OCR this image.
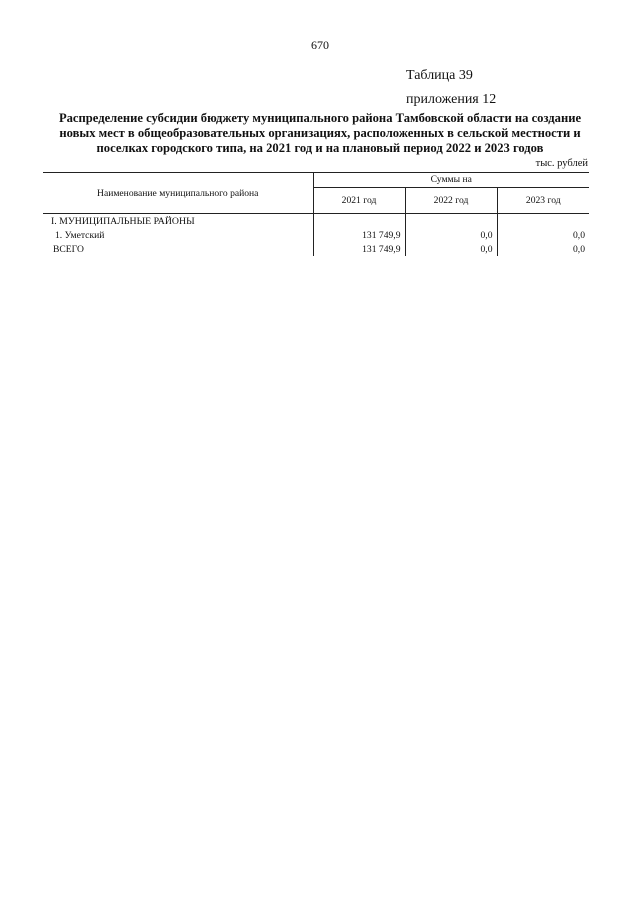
670
Таблица 39
приложения 12
Распределение субсидии бюджету муниципального района Тамбовской области на создание
новых мест в общеобразовательных организациях, расположенных в сельской местности и
поселках городского типа, на 2021 год и на плановый период 2022 и 2023 годов
тыс. рублей
Наименование муниципального района	Суммы на		
	2021 год	2022 год	2023 год
I. МУНИЦИПАЛЬНЫЕ РАЙОНЫ			
1. Уметский	131 749,9	0,0	0,0
ВСЕГО	131 749,9	0,0	0,0
